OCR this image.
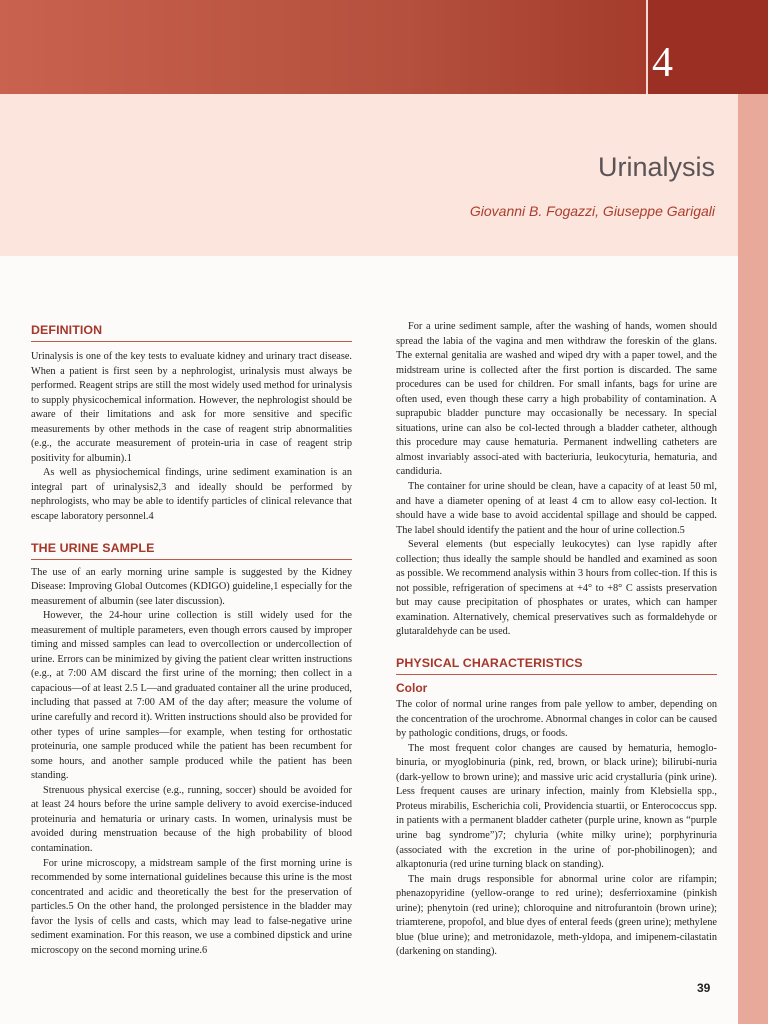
4
Urinalysis
Giovanni B. Fogazzi, Giuseppe Garigali
DEFINITION

Urinalysis is one of the key tests to evaluate kidney and urinary tract disease. When a patient is first seen by a nephrologist, urinalysis must always be performed. Reagent strips are still the most widely used method for urinalysis to supply physicochemical information. However, the nephrologist should be aware of their limitations and ask for more sensitive and specific measurements by other methods in the case of reagent strip abnormalities (e.g., the accurate measurement of protein-uria in case of reagent strip positivity for albumin).1

As well as physiochemical findings, urine sediment examination is an integral part of urinalysis2,3 and ideally should be performed by nephrologists, who may be able to identify particles of clinical relevance that escape laboratory personnel.4

THE URINE SAMPLE

The use of an early morning urine sample is suggested by the Kidney Disease: Improving Global Outcomes (KDIGO) guideline,1 especially for the measurement of albumin (see later discussion).

However, the 24-hour urine collection is still widely used for the measurement of multiple parameters, even though errors caused by improper timing and missed samples can lead to overcollection or undercollection of urine. Errors can be minimized by giving the patient clear written instructions (e.g., at 7:00 AM discard the first urine of the morning; then collect in a capacious—of at least 2.5 L—and graduated container all the urine produced, including that passed at 7:00 AM of the day after; measure the volume of urine carefully and record it). Written instructions should also be provided for other types of urine samples—for example, when testing for orthostatic proteinuria, one sample produced while the patient has been recumbent for some hours, and another sample produced while the patient has been standing.

Strenuous physical exercise (e.g., running, soccer) should be avoided for at least 24 hours before the urine sample delivery to avoid exercise-induced proteinuria and hematuria or urinary casts. In women, urinalysis must be avoided during menstruation because of the high probability of blood contamination.

For urine microscopy, a midstream sample of the first morning urine is recommended by some international guidelines because this urine is the most concentrated and acidic and theoretically the best for the preservation of particles.5 On the other hand, the prolonged persistence in the bladder may favor the lysis of cells and casts, which may lead to false-negative urine sediment examination. For this reason, we use a combined dipstick and urine microscopy on the second morning urine.6

For a urine sediment sample, after the washing of hands, women should spread the labia of the vagina and men withdraw the foreskin of the glans. The external genitalia are washed and wiped dry with a paper towel, and the midstream urine is collected after the first portion is discarded. The same procedures can be used for children. For small infants, bags for urine are often used, even though these carry a high probability of contamination. A suprapubic bladder puncture may occasionally be necessary. In special situations, urine can also be col-lected through a bladder catheter, although this procedure may cause hematuria. Permanent indwelling catheters are almost invariably associ-ated with bacteriuria, leukocyturia, hematuria, and candiduria.

The container for urine should be clean, have a capacity of at least 50 ml, and have a diameter opening of at least 4 cm to allow easy col-lection. It should have a wide base to avoid accidental spillage and should be capped. The label should identify the patient and the hour of urine collection.5

Several elements (but especially leukocytes) can lyse rapidly after collection; thus ideally the sample should be handled and examined as soon as possible. We recommend analysis within 3 hours from collec-tion. If this is not possible, refrigeration of specimens at +4° to +8° C assists preservation but may cause precipitation of phosphates or urates, which can hamper examination. Alternatively, chemical preservatives such as formaldehyde or glutaraldehyde can be used.

PHYSICAL CHARACTERISTICS
Color

The color of normal urine ranges from pale yellow to amber, depending on the concentration of the urochrome. Abnormal changes in color can be caused by pathologic conditions, drugs, or foods.

The most frequent color changes are caused by hematuria, hemoglo-binuria, or myoglobinuria (pink, red, brown, or black urine); bilirubi-nuria (dark-yellow to brown urine); and massive uric acid crystalluria (pink urine). Less frequent causes are urinary infection, mainly from Klebsiella spp., Proteus mirabilis, Escherichia coli, Providencia stuartii, or Enterococcus spp. in patients with a permanent bladder catheter (purple urine, known as “purple urine bag syndrome”)7; chyluria (white milky urine); porphyrinuria (associated with the excretion in the urine of por-phobilinogen); and alkaptonuria (red urine turning black on standing).

The main drugs responsible for abnormal urine color are rifampin; phenazopyridine (yellow-orange to red urine); desferrioxamine (pinkish urine); phenytoin (red urine); chloroquine and nitrofurantoin (brown urine); triamterene, propofol, and blue dyes of enteral feeds (green urine); methylene blue (blue urine); and metronidazole, meth-yldopa, and imipenem-cilastatin (darkening on standing).

39
